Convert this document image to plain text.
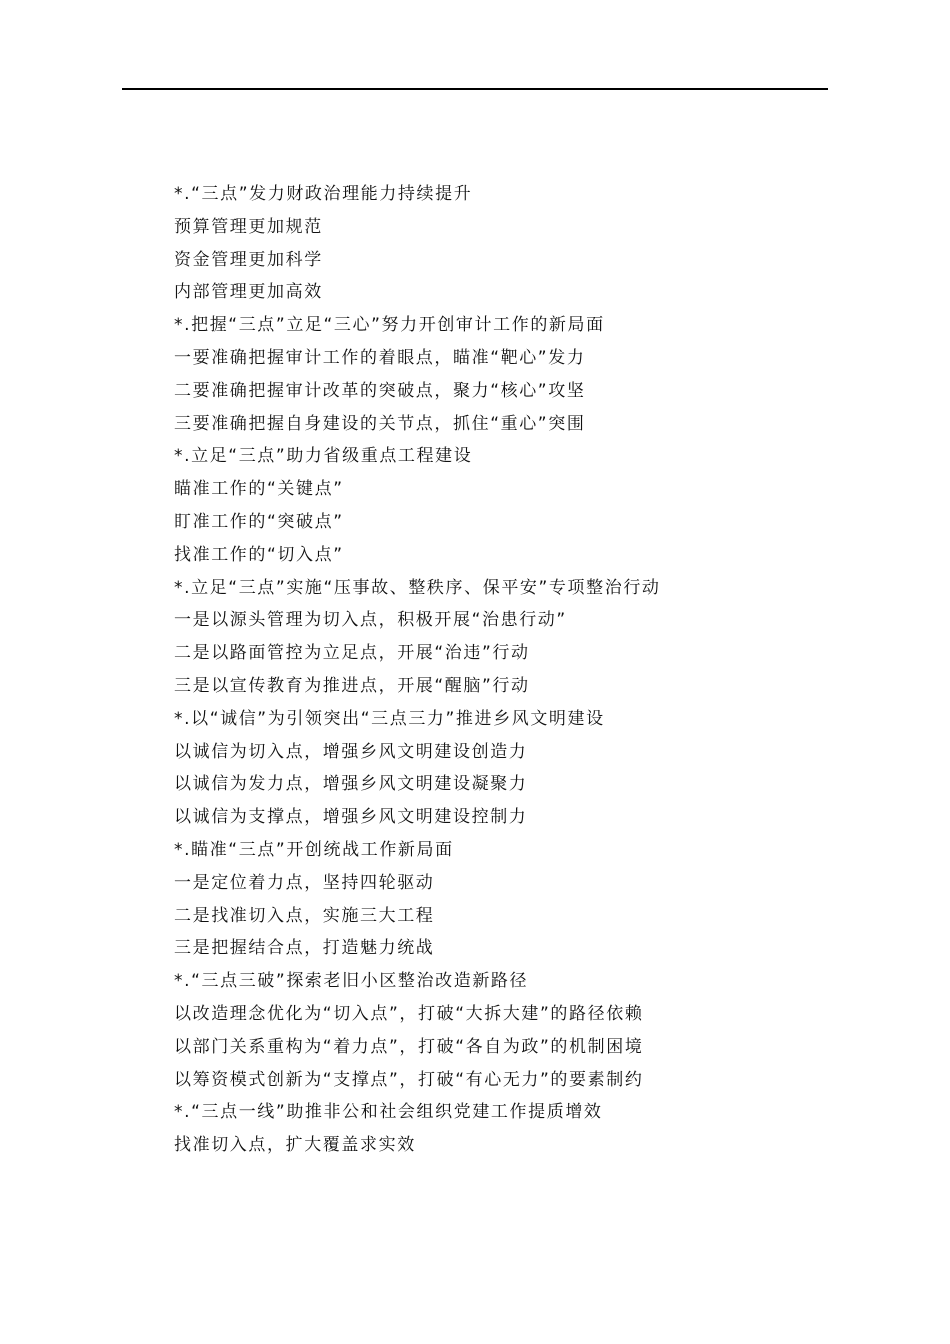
*.“三点”发力财政治理能力持续提升
预算管理更加规范
资金管理更加科学
内部管理更加高效
*.把握“三点”立足“三心”努力开创审计工作的新局面
一要准确把握审计工作的着眼点，瞄准“靶心”发力
二要准确把握审计改革的突破点，聚力“核心”攻坚
三要准确把握自身建设的关节点，抓住“重心”突围
*.立足“三点”助力省级重点工程建设
瞄准工作的“关键点”
盯准工作的“突破点”
找准工作的“切入点”
*.立足“三点”实施“压事故、整秩序、保平安”专项整治行动
一是以源头管理为切入点，积极开展“治患行动”
二是以路面管控为立足点，开展“治违”行动
三是以宣传教育为推进点，开展“醒脑”行动
*.以“诚信”为引领突出“三点三力”推进乡风文明建设
以诚信为切入点，增强乡风文明建设创造力
以诚信为发力点，增强乡风文明建设凝聚力
以诚信为支撑点，增强乡风文明建设控制力
*.瞄准“三点”开创统战工作新局面
一是定位着力点，坚持四轮驱动
二是找准切入点，实施三大工程
三是把握结合点，打造魅力统战
*.“三点三破”探索老旧小区整治改造新路径
以改造理念优化为“切入点”，打破“大拆大建”的路径依赖
以部门关系重构为“着力点”，打破“各自为政”的机制困境
以筹资模式创新为“支撑点”，打破“有心无力”的要素制约
*.“三点一线”助推非公和社会组织党建工作提质增效
找准切入点，扩大覆盖求实效
